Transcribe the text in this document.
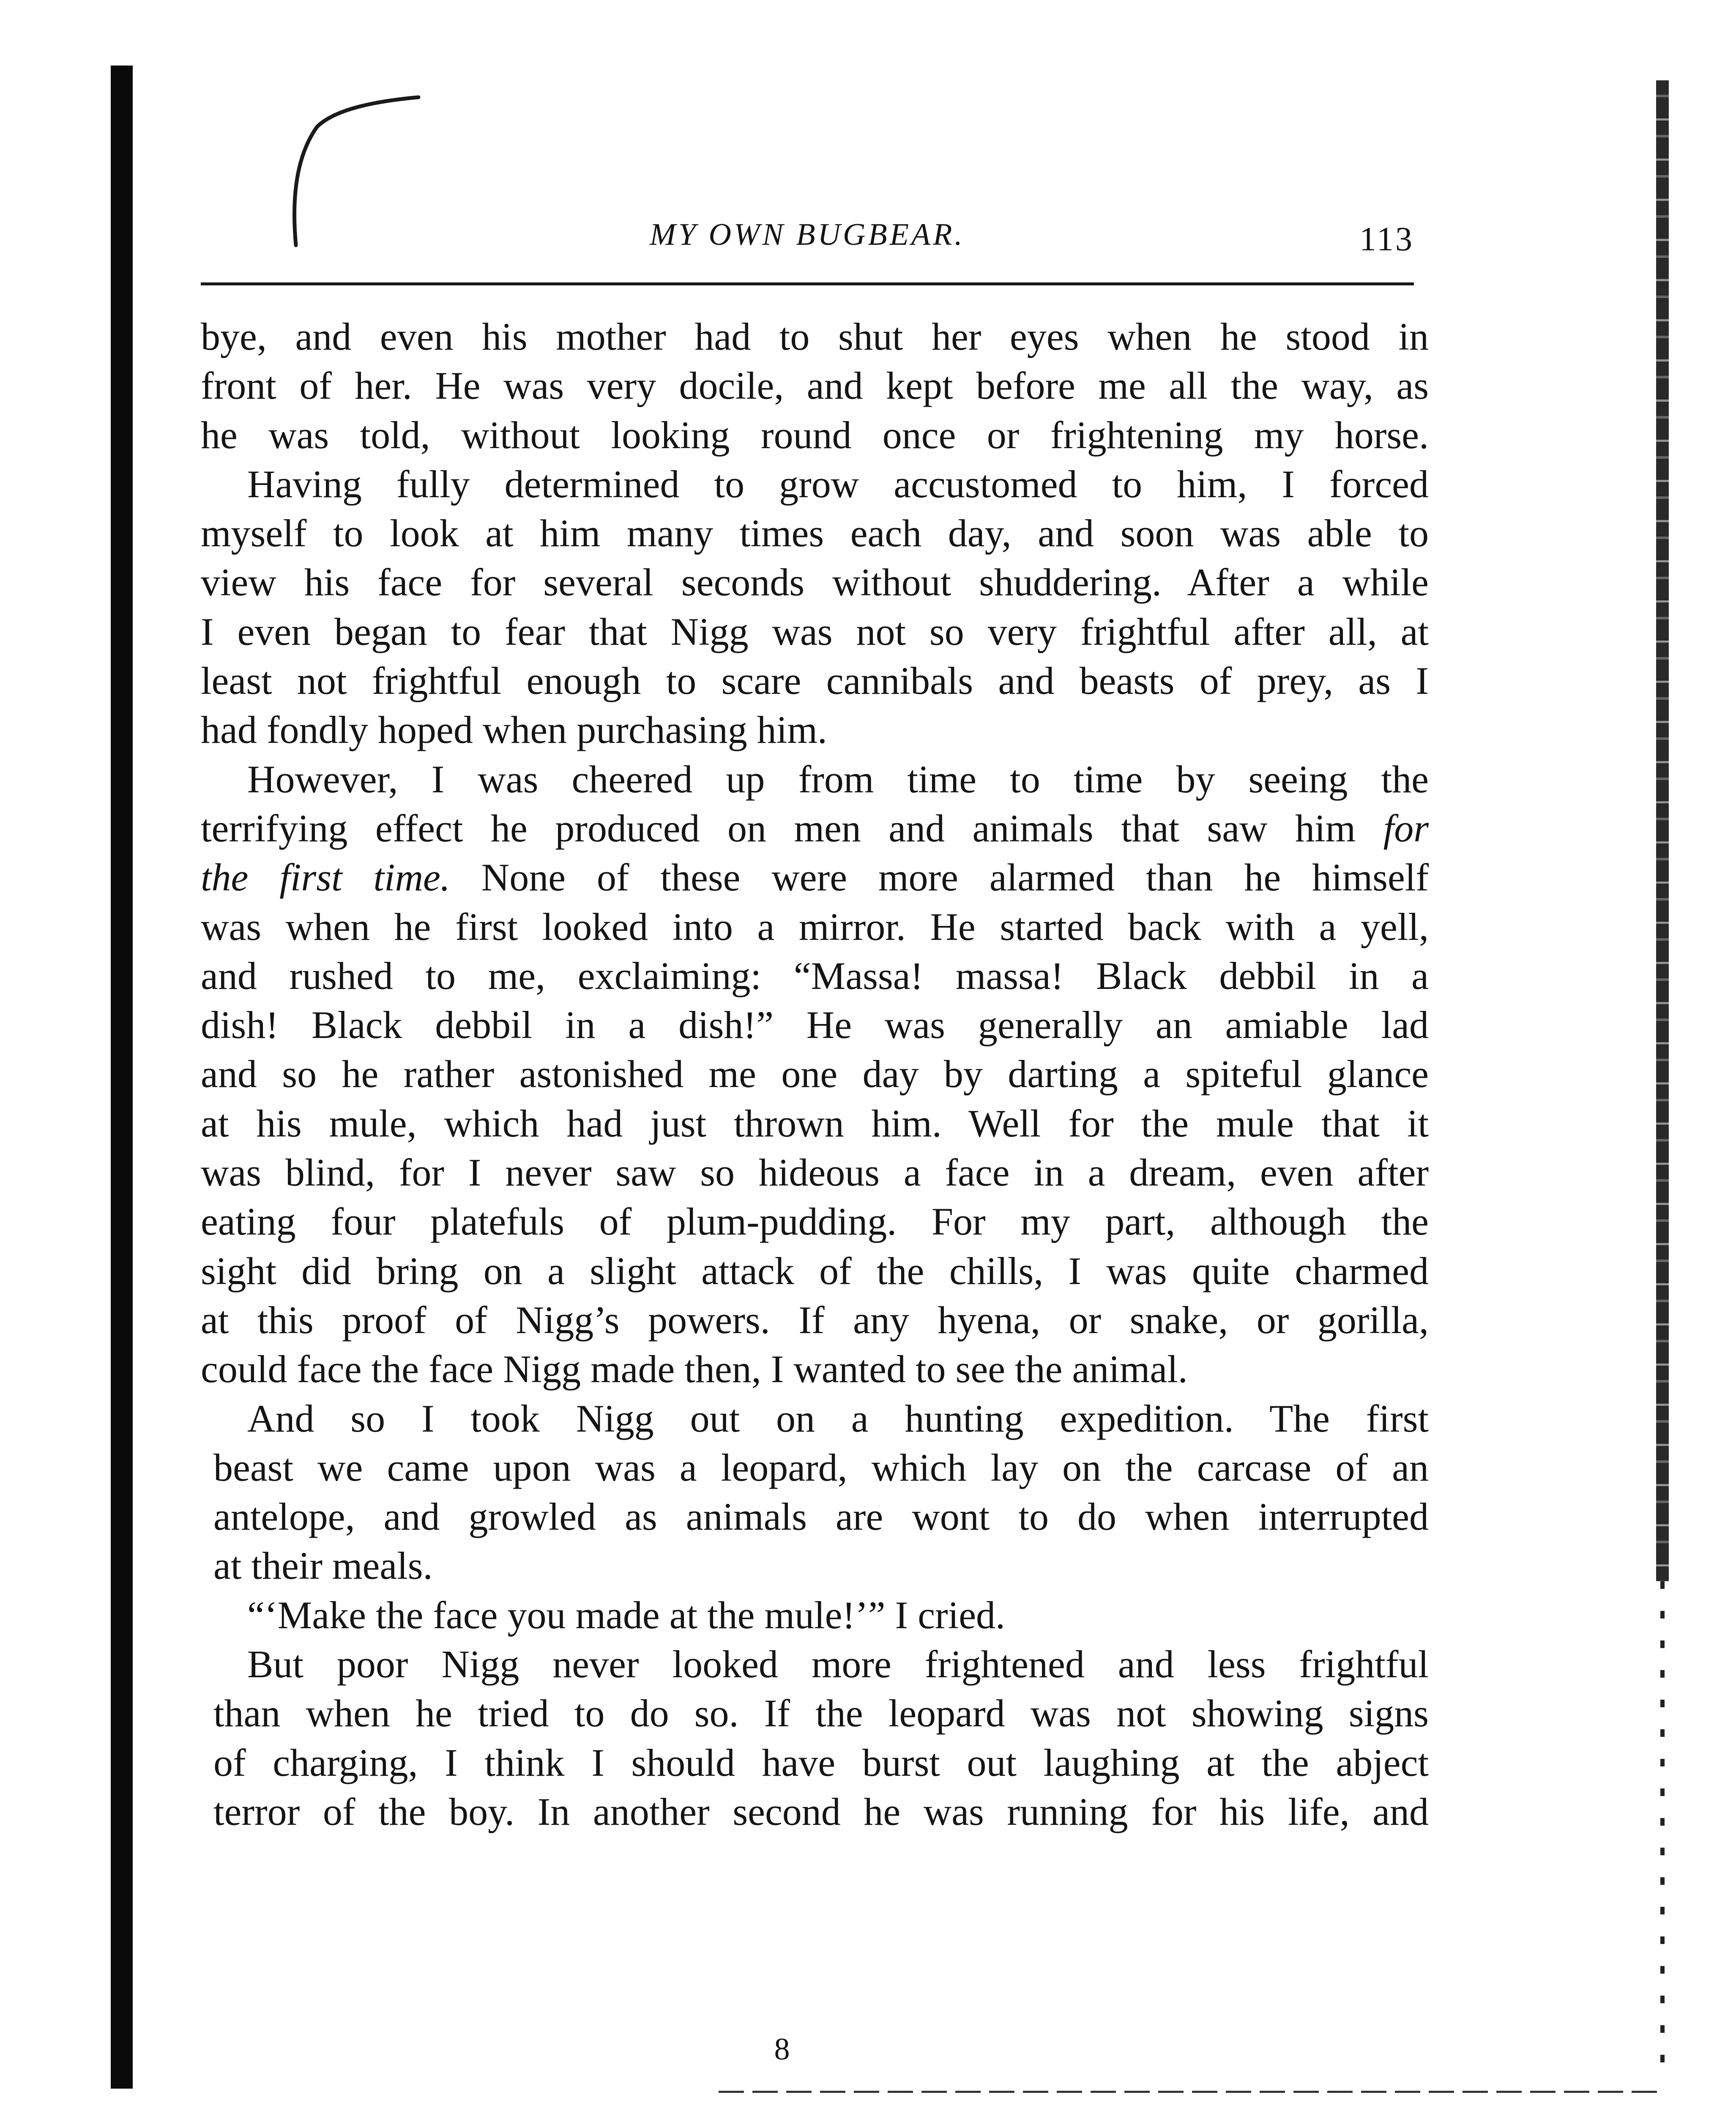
MY OWN BUGBEAR.	113
bye, and even his mother had to shut her eyes when he stood in
front of her. He was very docile, and kept before me all the way, as
he was told, without looking round once or frightening my horse.
Having fully determined to grow accustomed to him, I forced
myself to look at him many times each day, and soon was able to
view his face for several seconds without shuddering. After a while
I even began to fear that Nigg was not so very frightful after all, at
least not frightful enough to scare cannibals and beasts of prey, as I
had fondly hoped when purchasing him.
However, I was cheered up from time to time by seeing the
terrifying effect he produced on men and animals that saw him for
the first time. None of these were more alarmed than he himself
was when he first looked into a mirror. He started back with a yell,
and rushed to me, exclaiming: “Massa! massa! Black debbil in a
dish! Black debbil in a dish!” He was generally an amiable lad
and so he rather astonished me one day by darting a spiteful glance
at his mule, which had just thrown him. Well for the mule that it
was blind, for I never saw so hideous a face in a dream, even after
eating four platefuls of plum-pudding. For my part, although the
sight did bring on a slight attack of the chills, I was quite charmed
at this proof of Nigg’s powers. If any hyena, or snake, or gorilla,
could face the face Nigg made then, I wanted to see the animal.
And so I took Nigg out on a hunting expedition. The first
beast we came upon was a leopard, which lay on the carcase of an
antelope, and growled as animals are wont to do when interrupted
at their meals.
“‘Make the face you made at the mule!’” I cried.
But poor Nigg never looked more frightened and less frightful
than when he tried to do so. If the leopard was not showing signs
of charging, I think I should have burst out laughing at the abject
terror of the boy. In another second he was running for his life, and
8
